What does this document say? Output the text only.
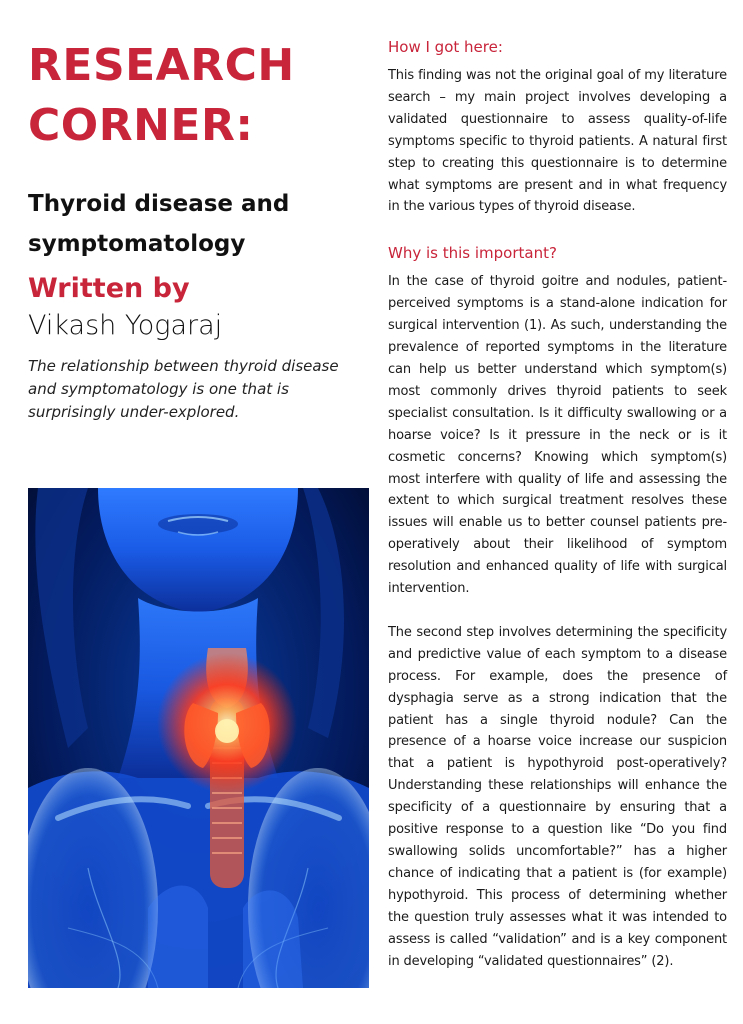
RESEARCH
CORNER:
Thyroid disease and
symptomatology
Written by
Vikash Yogaraj
The relationship between thyroid disease and symptomatology is one that is surprisingly under-explored.
How I got here:

This finding was not the original goal of my literature search – my main project involves developing a validated questionnaire to assess quality-of-life symptoms specific to thyroid patients. A natural first step to creating this questionnaire is to determine what symptoms are present and in what frequency in the various types of thyroid disease.

Why is this important?

In the case of thyroid goitre and nodules, patient-perceived symptoms is a stand-alone indication for surgical intervention (1). As such, understanding the prevalence of reported symptoms in the literature can help us better understand which symptom(s) most commonly drives thyroid patients to seek specialist consultation. Is it difficulty swallowing or a hoarse voice? Is it pressure in the neck or is it cosmetic concerns? Knowing which symptom(s) most interfere with quality of life and assessing the extent to which surgical treatment resolves these issues will enable us to better counsel patients pre-operatively about their likelihood of symptom resolution and enhanced quality of life with surgical intervention.

The second step involves determining the specificity and predictive value of each symptom to a disease process. For example, does the presence of dysphagia serve as a strong indication that the patient has a single thyroid nodule? Can the presence of a hoarse voice increase our suspicion that a patient is hypothyroid post-operatively? Understanding these relationships will enhance the specificity of a questionnaire by ensuring that a positive response to a question like “Do you find swallowing solids uncomfortable?” has a higher chance of indicating that a patient is (for example) hypothyroid. This process of determining whether the question truly assesses what it was intended to assess is called “validation” and is a key component in developing “validated questionnaires” (2).
